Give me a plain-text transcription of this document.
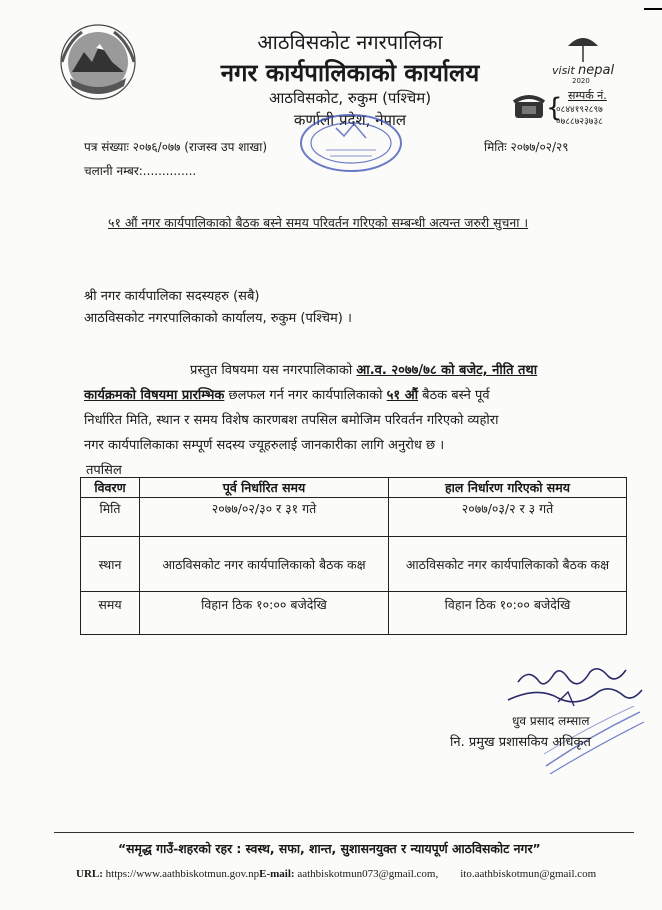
आठविसकोट नगरपालिका
नगर कार्यपालिकाको कार्यालय
आठविसकोट, रुकुम (पश्चिम)
कर्णाली प्रदेश, नेपाल
visit nepal
2020
सम्पर्क नं.
{
०८४४१९२८९७
०७८८७२३७३८
पत्र संख्याः २०७६/०७७ (राजस्व उप शाखा)	मितिः २०७७/०२/२९
चलानी नम्बर:..............
५१ औं नगर कार्यपालिकाको बैठक बस्ने समय परिवर्तन गरिएको सम्बन्धी अत्यन्त जरुरी सुचना ।
श्री नगर कार्यपालिका सदस्यहरु (सबै)
आठविसकोट नगरपालिकाको कार्यालय, रुकुम (पश्चिम) ।
प्रस्तुत विषयमा यस नगरपालिकाको आ.व. २०७७/७८ को बजेट, नीति तथा
कार्यक्रमको विषयमा प्रारम्भिक छलफल गर्न नगर कार्यपालिकाको ५१ औं बैठक बस्ने पूर्व
निर्धारित मिति, स्थान र समय विशेष कारणबश तपसिल बमोजिम परिवर्तन गरिएको व्यहोरा
नगर कार्यपालिकाका सम्पूर्ण सदस्य ज्यूहरुलाई जानकारीका लागि अनुरोध छ ।
तपसिल
विवरण	पूर्व निर्धारित समय	हाल निर्धारण गरिएको समय
मिति	२०७७/०२/३० र ३१ गते	२०७७/०३/२ र ३ गते
स्थान	आठविसकोट नगर कार्यपालिकाको बैठक कक्ष	आठविसकोट नगर कार्यपालिकाको बैठक कक्ष
समय	विहान ठिक १०:०० बजेदेखि	विहान ठिक १०:०० बजेदेखि
धुव प्रसाद लम्साल
नि. प्रमुख प्रशासकिय अधिकृत
“समृद्ध गाउँ-शहरको रहर : स्वस्थ, सफा, शान्त, सुशासनयुक्त र न्यायपूर्ण आठविसकोट नगर”
URL: https://www.aathbiskotmun.gov.npE-mail: aathbiskotmun073@gmail.com, ito.aathbiskotmun@gmail.com
